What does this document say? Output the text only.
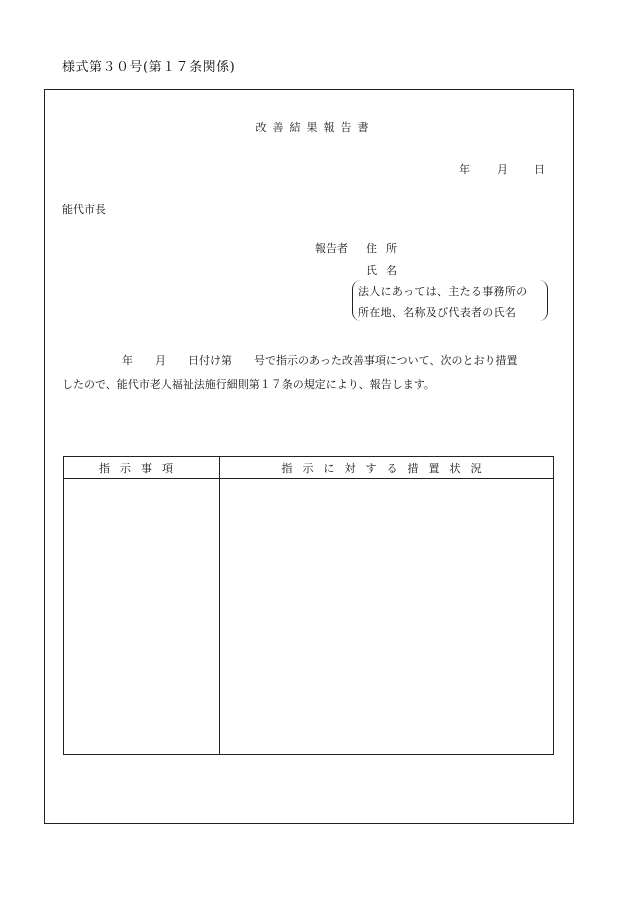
様式第３０号(第１７条関係)
改善結果報告書
年 月 日
能代市長
報告者 住所
氏名
法人にあっては、主たる事務所の
所在地、名称及び代表者の氏名
年　　月　　日付け第　　号で指示のあった改善事項について、次のとおり措置
したので、能代市老人福祉法施行細則第１７条の規定により、報告します。
指示事項	指示に対する措置状況
